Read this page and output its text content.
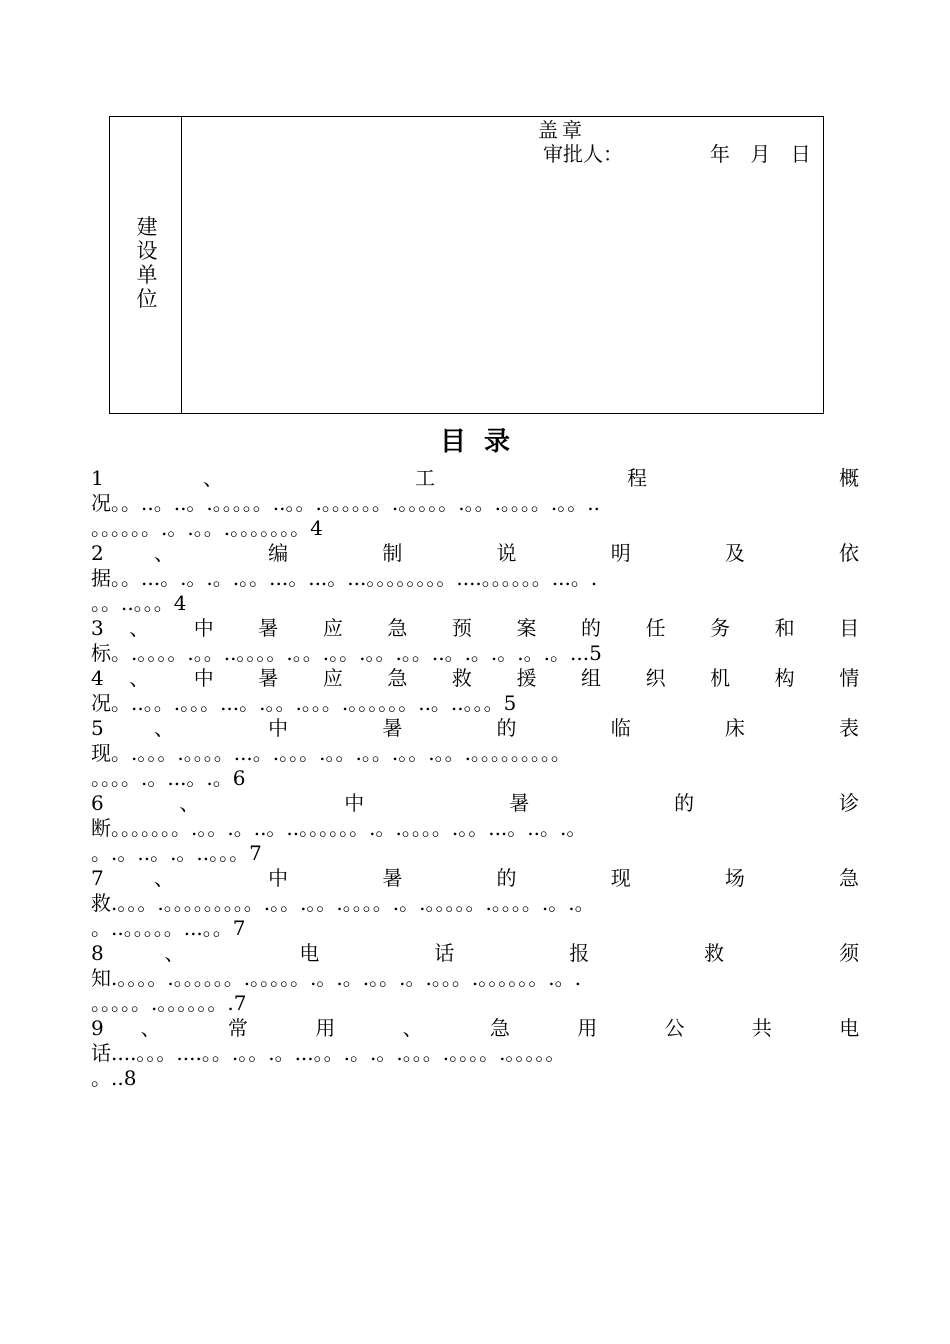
建设单位
盖章
审批人：	年 月 日
目录
1	、	工	程	概
况。。..。..。.。。。。。..。。.。。。。。。.。。。。。.。。.。。。。.。。..
。。。。。。.。.。。.。。。。。。。4
2	、	编	制	说	明	及	依
据。。...。.。.。.。。...。...。...。。。。。。。。....。。。。。。...。.
。。..。。。4
3 、 中 暑 应 急 预 案 的 任 务 和 目
标。.。。。。.。。..。。。。.。。.。。.。。.。。..。.。.。.。.。...5
4 、 中 暑 应 急 救 援 组 织 机 构 情
况。..。。.。。。...。.。。.。。。.。。。。。。..。..。。。5
5	、	中	暑	的	临	床	表
现。.。。。.。。。。...。.。。。.。。.。。.。。.。。.。。。。。。。。。
。。。。.。...。.。6
6	、	中	暑	的	诊
断。。。。。。。.。。.。..。..。。。。。。.。.。。。。.。。...。..。.。
。.。..。.。..。。。7
7	、	中	暑	的	现	场	急
救.。。。.。。。。。。。。。.。。.。。.。。。。.。.。。。。。.。。。。.。.。
。..。。。。。...。。7
8	、	电	话	报	救	须
知.。。。。.。。。。。。.。。。。。.。.。.。。.。.。。。.。。。。。。.。.
。。。。。.。。。。。。.7
9 、 常 用 、 急 用 公 共 电
话....。。。....。。.。。.。...。。.。.。.。。。.。。。。.。。。。。
。..8
